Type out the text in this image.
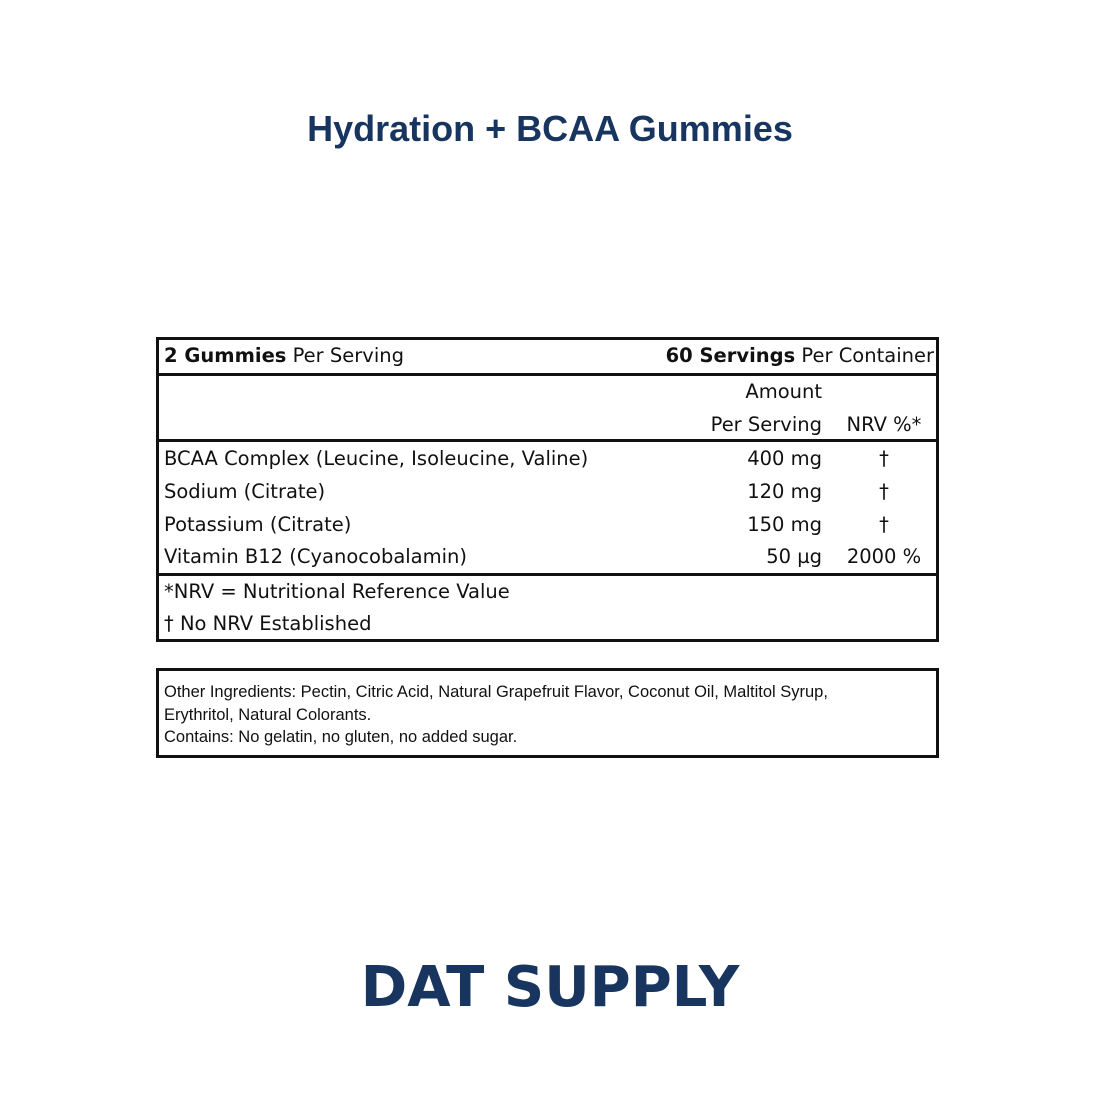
Hydration + BCAA Gummies
2 Gummies Per Serving	60 Servings Per Container
Amount
Per Serving	NRV %*
BCAA Complex (Leucine, Isoleucine, Valine)	400 mg	†
Sodium (Citrate)	120 mg	†
Potassium (Citrate)	150 mg	†
Vitamin B12 (Cyanocobalamin)	50 µg	2000 %
*NRV = Nutritional Reference Value
† No NRV Established
Other Ingredients: Pectin, Citric Acid, Natural Grapefruit Flavor, Coconut Oil, Maltitol Syrup,
Erythritol, Natural Colorants.
Contains: No gelatin, no gluten, no added sugar.
DAT SUPPLY
